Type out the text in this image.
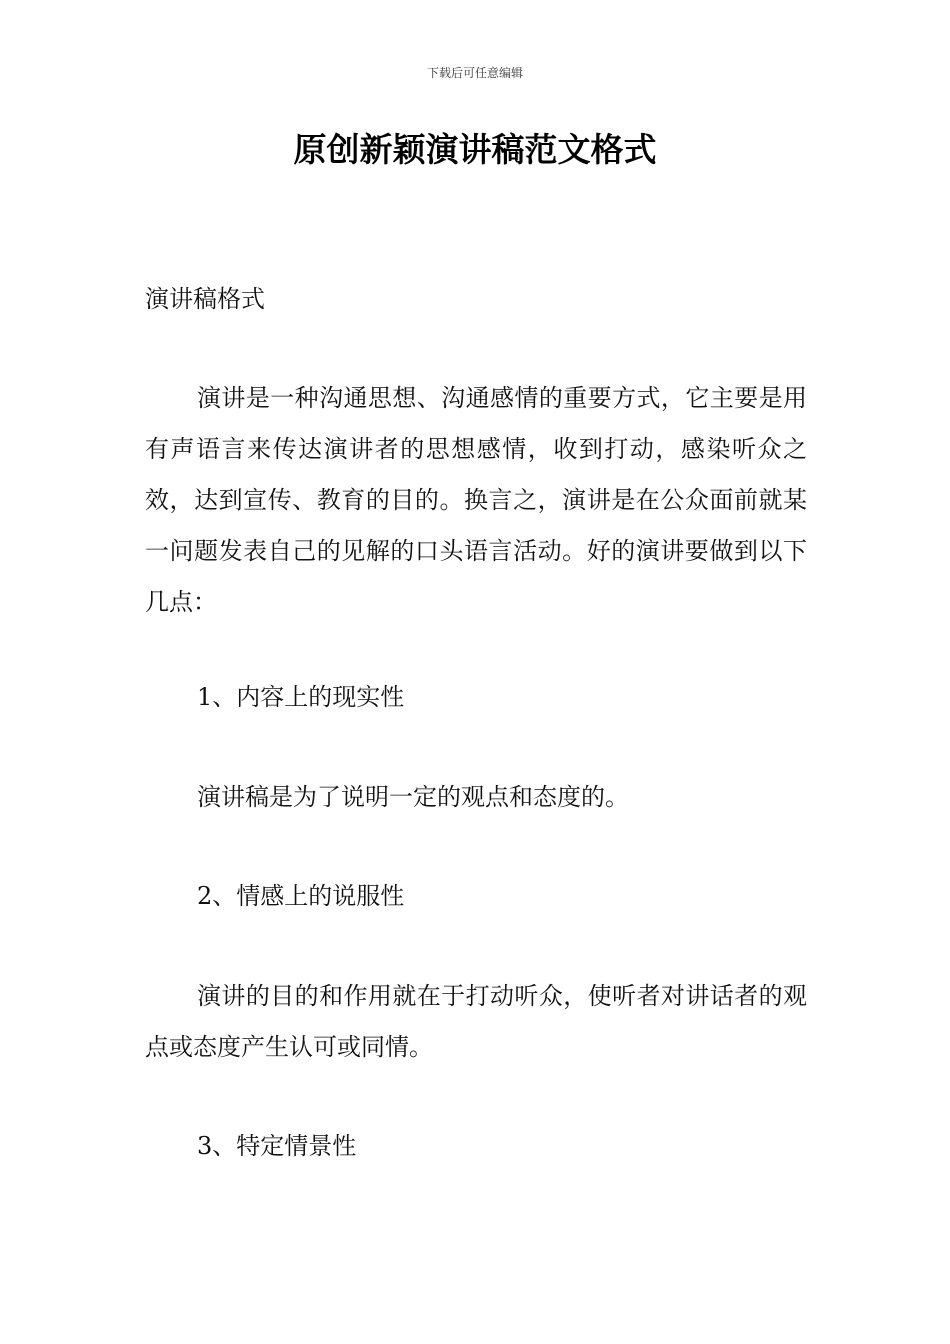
下载后可任意编辑
原创新颖演讲稿范文格式

演讲稿格式

演讲是一种沟通思想、沟通感情的重要方式，它主要是用有声语言来传达演讲者的思想感情，收到打动，感染听众之效，达到宣传、教育的目的。换言之，演讲是在公众面前就某一问题发表自己的见解的口头语言活动。好的演讲要做到以下几点：

1、内容上的现实性

演讲稿是为了说明一定的观点和态度的。

2、情感上的说服性

演讲的目的和作用就在于打动听众，使听者对讲话者的观点或态度产生认可或同情。

3、特定情景性
